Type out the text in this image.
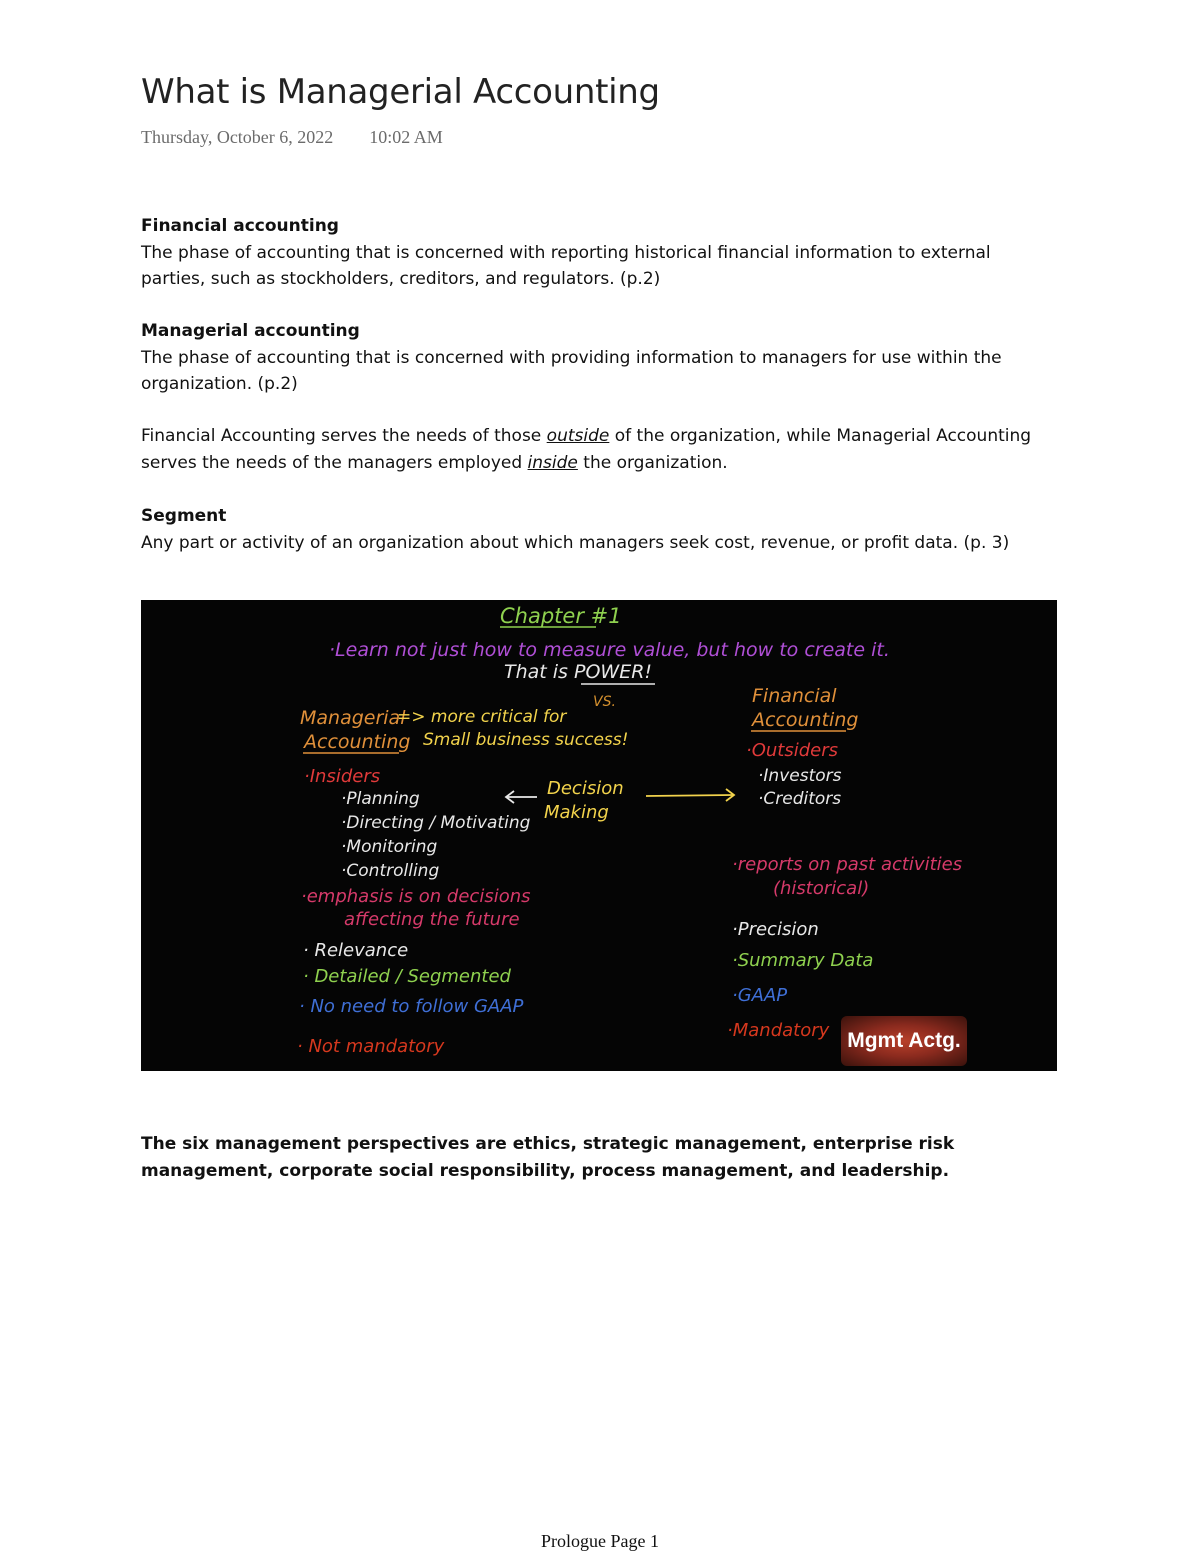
What is Managerial Accounting
Thursday, October 6, 2022 10:02 AM

Financial accounting
The phase of accounting that is concerned with reporting historical financial information to external parties, such as stockholders, creditors, and regulators. (p.2)

Managerial accounting
The phase of accounting that is concerned with providing information to managers for use within the organization. (p.2)

Financial Accounting serves the needs of those outside of the organization, while Managerial Accounting serves the needs of the managers employed inside the organization.

Segment
Any part or activity of an organization about which managers seek cost, revenue, or profit data. (p. 3)

Chapter #1
·Learn not just how to measure value, but how to create it.
That is POWER!
VS.
Managerial
Accounting
=> more critical for
Small business success!
Financial
Accounting
·Insiders
·Planning
·Directing / Motivating
·Monitoring
·Controlling
Decision
Making
·Outsiders
·Investors
·Creditors
·emphasis is on decisions
affecting the future
·reports on past activities
(historical)
· Relevance
· Detailed / Segmented
· No need to follow GAAP
· Not mandatory
·Precision
·Summary Data
·GAAP
·Mandatory Mgmt Actg.

The six management perspectives are ethics, strategic management, enterprise risk management, corporate social responsibility, process management, and leadership.

Prologue Page 1
